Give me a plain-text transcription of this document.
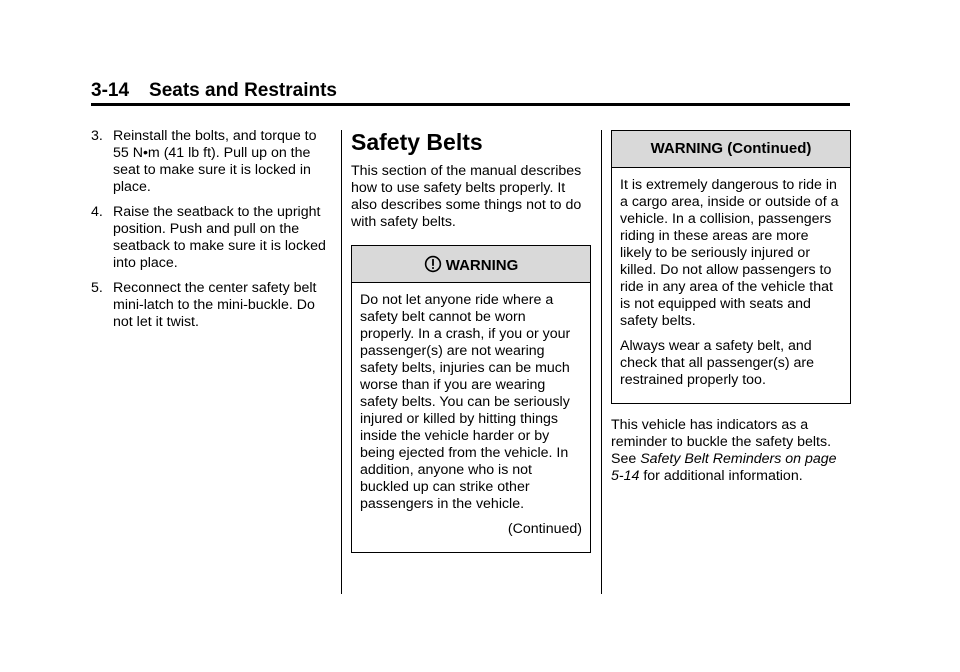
3-14 Seats and Restraints
3. Reinstall the bolts, and torque to 55 N•m (41 lb ft). Pull up on the seat to make sure it is locked in place.
4. Raise the seatback to the upright position. Push and pull on the seatback to make sure it is locked into place.
5. Reconnect the center safety belt mini-latch to the mini-buckle. Do not let it twist.
Safety Belts

This section of the manual describes how to use safety belts properly. It also describes some things not to do with safety belts.

WARNING

Do not let anyone ride where a safety belt cannot be worn properly. In a crash, if you or your passenger(s) are not wearing safety belts, injuries can be much worse than if you are wearing safety belts. You can be seriously injured or killed by hitting things inside the vehicle harder or by being ejected from the vehicle. In addition, anyone who is not buckled up can strike other passengers in the vehicle.

(Continued)

WARNING (Continued)

It is extremely dangerous to ride in a cargo area, inside or outside of a vehicle. In a collision, passengers riding in these areas are more likely to be seriously injured or killed. Do not allow passengers to ride in any area of the vehicle that is not equipped with seats and safety belts.

Always wear a safety belt, and check that all passenger(s) are restrained properly too.

This vehicle has indicators as a reminder to buckle the safety belts. See Safety Belt Reminders on page 5-14 for additional information.
